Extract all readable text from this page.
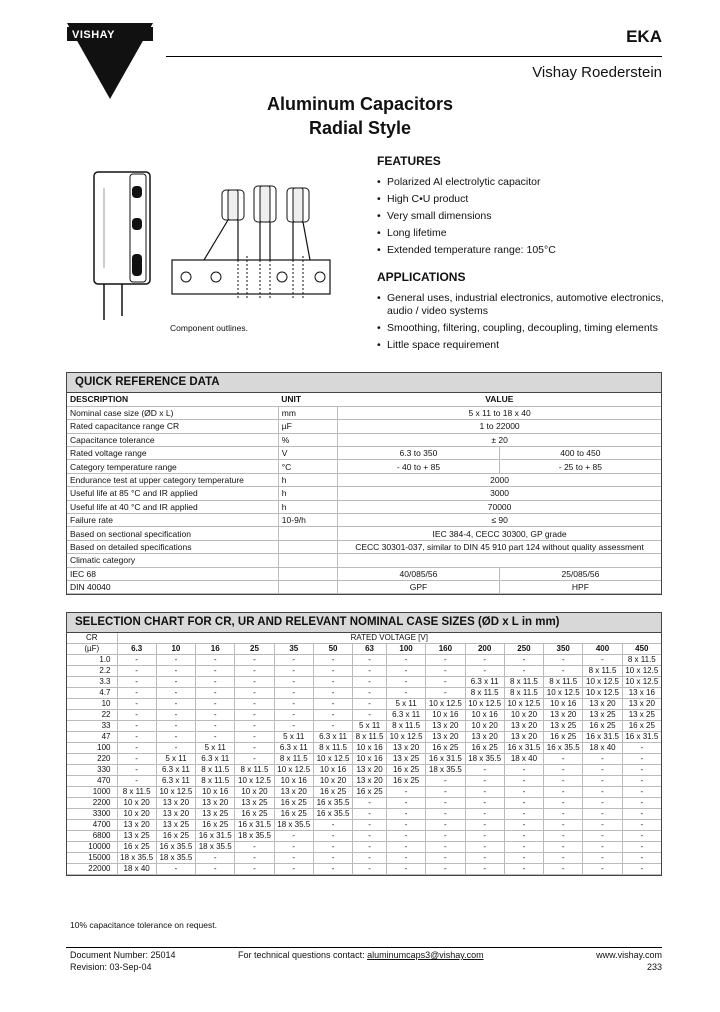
VISHAY	EKA
Vishay Roederstein
Aluminum Capacitors
Radial Style
Component outlines.
FEATURES
• Polarized Al electrolytic capacitor
• High C•U product
• Very small dimensions
• Long lifetime
• Extended temperature range: 105°C
APPLICATIONS
• General uses, industrial electronics, automotive electronics, audio / video systems
• Smoothing, filtering, coupling, decoupling, timing elements
• Little space requirement
QUICK REFERENCE DATA
DESCRIPTION	UNIT	VALUE	
Nominal case size (ØD x L)	mm	5 x 11 to 18 x 40	
Rated capacitance range CR	µF	1 to 22000	
Capacitance tolerance	%	± 20	
Rated voltage range	V	6.3 to 350	400 to 450
Category temperature range	°C	- 40 to + 85	- 25 to + 85
Endurance test at upper category temperature	h	2000	
Useful life at 85 °C and IR applied	h	3000	
Useful life at 40 °C and IR applied	h	70000	
Failure rate	10-9/h	≤ 90	
Based on sectional specification		IEC 384-4, CECC 30300, GP grade	
Based on detailed specifications		CECC 30301-037, similar to DIN 45 910 part 124 without quality assessment	
Climatic category			
IEC 68		40/085/56	25/085/56
DIN 40040		GPF	HPF
SELECTION CHART FOR CR, UR AND RELEVANT NOMINAL CASE SIZES (ØD x L in mm)
CR	RATED VOLTAGE [V]													
(µF)	6.3	10	16	25	35	50	63	100	160	200	250	350	400	450
1.0	-	-	-	-	-	-	-	-	-	-	-	-	-	8 x 11.5
2.2	-	-	-	-	-	-	-	-	-	-	-	-	8 x 11.5	10 x 12.5
3.3	-	-	-	-	-	-	-	-	-	6.3 x 11	8 x 11.5	8 x 11.5	10 x 12.5	10 x 12.5
4.7	-	-	-	-	-	-	-	-	-	8 x 11.5	8 x 11.5	10 x 12.5	10 x 12.5	13 x 16
10	-	-	-	-	-	-	-	5 x 11	10 x 12.5	10 x 12.5	10 x 12.5	10 x 16	13 x 20	13 x 20
22	-	-	-	-	-	-	-	6.3 x 11	10 x 16	10 x 16	10 x 20	13 x 20	13 x 25	13 x 25
33	-	-	-	-	-	-	5 x 11	8 x 11.5	13 x 20	10 x 20	13 x 20	13 x 25	16 x 25	16 x 25
47	-	-	-	-	5 x 11	6.3 x 11	8 x 11.5	10 x 12.5	13 x 20	13 x 20	13 x 20	16 x 25	16 x 31.5	16 x 31.5
100	-	-	5 x 11	-	6.3 x 11	8 x 11.5	10 x 16	13 x 20	16 x 25	16 x 25	16 x 31.5	16 x 35.5	18 x 40	-
220	-	5 x 11	6.3 x 11	-	8 x 11.5	10 x 12.5	10 x 16	13 x 25	16 x 31.5	18 x 35.5	18 x 40	-	-	-
330	-	6.3 x 11	8 x 11.5	8 x 11.5	10 x 12.5	10 x 16	13 x 20	16 x 25	18 x 35.5	-	-	-	-	-
470	-	6.3 x 11	8 x 11.5	10 x 12.5	10 x 16	10 x 20	13 x 20	16 x 25	-	-	-	-	-	-
1000	8 x 11.5	10 x 12.5	10 x 16	10 x 20	13 x 20	16 x 25	16 x 25	-	-	-	-	-	-	-
2200	10 x 20	13 x 20	13 x 20	13 x 25	16 x 25	16 x 35.5	-	-	-	-	-	-	-	-
3300	10 x 20	13 x 20	13 x 25	16 x 25	16 x 25	16 x 35.5	-	-	-	-	-	-	-	-
4700	13 x 20	13 x 25	16 x 25	16 x 31.5	18 x 35.5	-	-	-	-	-	-	-	-	-
6800	13 x 25	16 x 25	16 x 31.5	18 x 35.5	-	-	-	-	-	-	-	-	-	-
10000	16 x 25	16 x 35.5	18 x 35.5	-	-	-	-	-	-	-	-	-	-	-
15000	18 x 35.5	18 x 35.5	-	-	-	-	-	-	-	-	-	-	-	-
22000	18 x 40	-	-	-	-	-	-	-	-	-	-	-	-	-
10% capacitance tolerance on request.
Document Number: 25014
Revision: 03-Sep-04
For technical questions contact: aluminumcaps3@vishay.com	www.vishay.com
233
